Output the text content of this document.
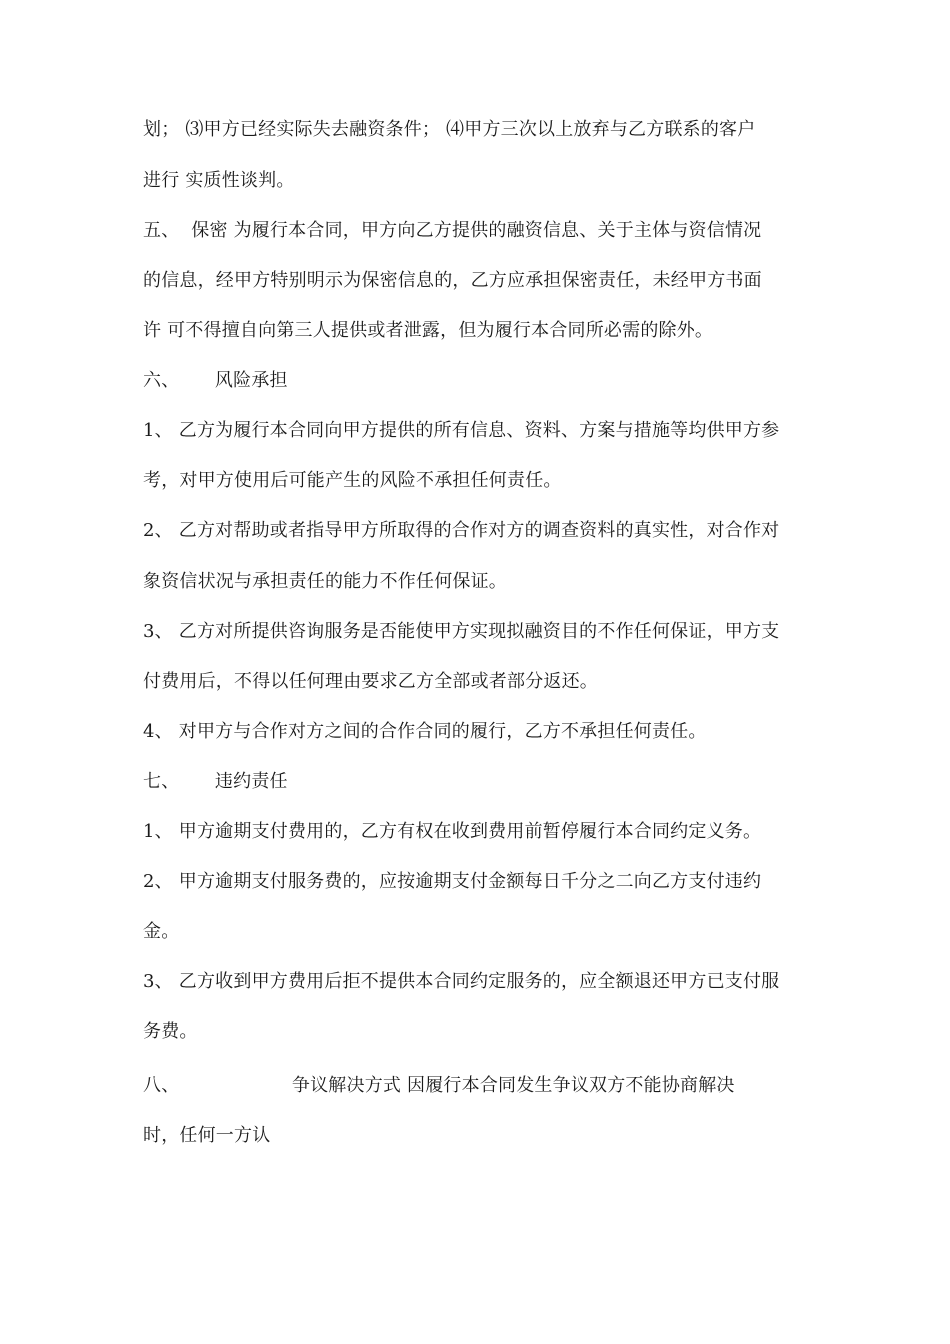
划； ⑶甲方已经实际失去融资条件； ⑷甲方三次以上放弃与乙方联系的客户
进行 实质性谈判。
五、  保密 为履行本合同，甲方向乙方提供的融资信息、关于主体与资信情况
的信息，经甲方特别明示为保密信息的，乙方应承担保密责任，未经甲方书面
许 可不得擅自向第三人提供或者泄露，但为履行本合同所必需的除外。
六、      风险承担
1、 乙方为履行本合同向甲方提供的所有信息、资料、方案与措施等均供甲方参
考，对甲方使用后可能产生的风险不承担任何责任。
2、 乙方对帮助或者指导甲方所取得的合作对方的调查资料的真实性，对合作对
象资信状况与承担责任的能力不作任何保证。
3、 乙方对所提供咨询服务是否能使甲方实现拟融资目的不作任何保证，甲方支
付费用后，不得以任何理由要求乙方全部或者部分返还。
4、 对甲方与合作对方之间的合作合同的履行，乙方不承担任何责任。
七、      违约责任
1、 甲方逾期支付费用的，乙方有权在收到费用前暂停履行本合同约定义务。
2、 甲方逾期支付服务费的，应按逾期支付金额每日千分之二向乙方支付违约
金。
3、 乙方收到甲方费用后拒不提供本合同约定服务的，应全额退还甲方已支付服
务费。
八、                   争议解决方式 因履行本合同发生争议双方不能协商解决
时，任何一方认
